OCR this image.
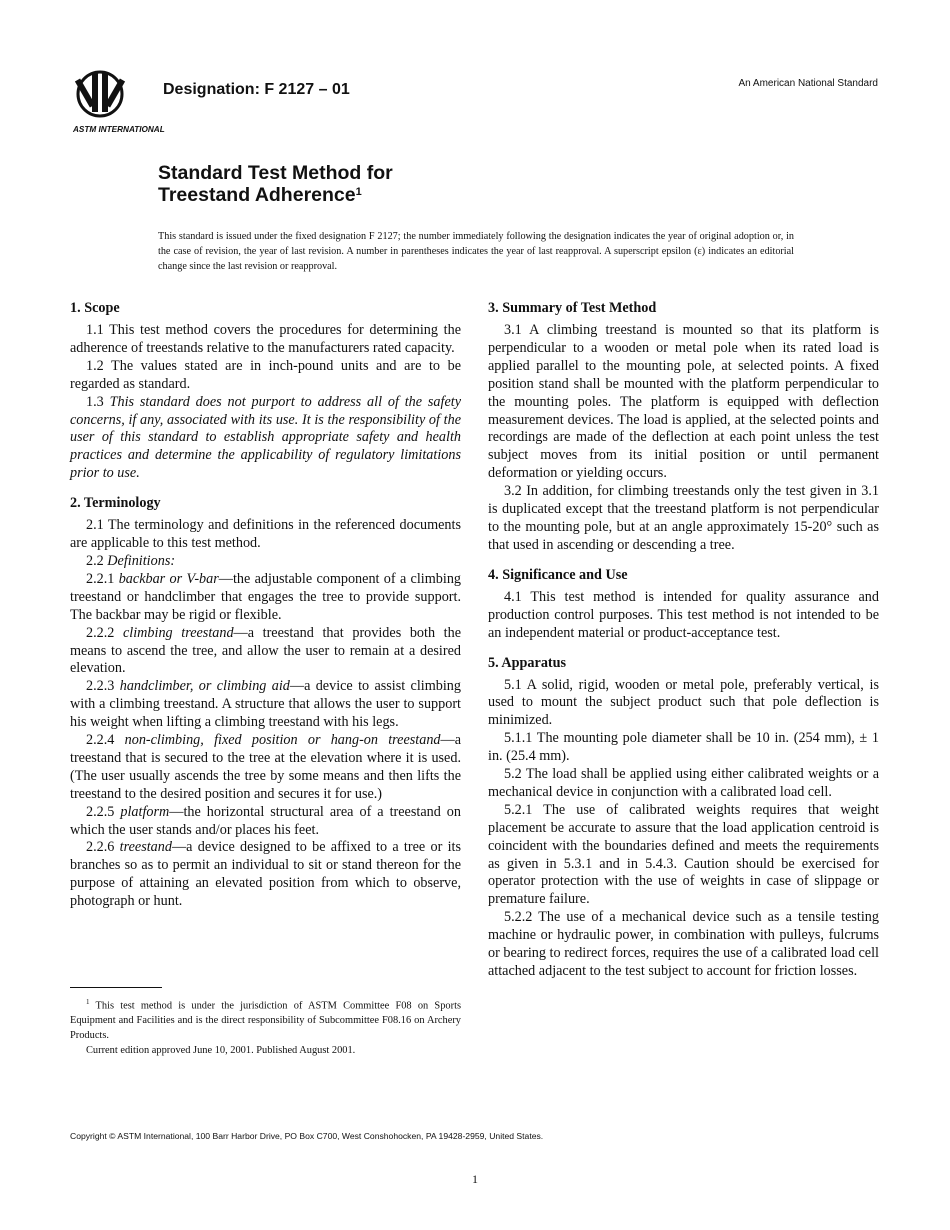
ASTM INTERNATIONAL
Designation: F 2127 – 01	An American National Standard
Standard Test Method for
Treestand Adherence$^1$
This standard is issued under the fixed designation F 2127; the number immediately following the designation indicates the year of original adoption or, in the case of revision, the year of last revision. A number in parentheses indicates the year of last reapproval. A superscript epsilon (ε) indicates an editorial change since the last revision or reapproval.
1. Scope

1.1 This test method covers the procedures for determining the adherence of treestands relative to the manufacturers rated capacity.

1.2 The values stated are in inch-pound units and are to be regarded as standard.

1.3 This standard does not purport to address all of the safety concerns, if any, associated with its use. It is the responsibility of the user of this standard to establish appropriate safety and health practices and determine the applicability of regulatory limitations prior to use.

2. Terminology

2.1 The terminology and definitions in the referenced documents are applicable to this test method.

2.2 Definitions:

2.2.1 backbar or V-bar—the adjustable component of a climbing treestand or handclimber that engages the tree to provide support. The backbar may be rigid or flexible.

2.2.2 climbing treestand—a treestand that provides both the means to ascend the tree, and allow the user to remain at a desired elevation.

2.2.3 handclimber, or climbing aid—a device to assist climbing with a climbing treestand. A structure that allows the user to support his weight when lifting a climbing treestand with his legs.

2.2.4 non-climbing, fixed position or hang-on treestand—a treestand that is secured to the tree at the elevation where it is used. (The user usually ascends the tree by some means and then lifts the treestand to the desired position and secures it for use.)

2.2.5 platform—the horizontal structural area of a treestand on which the user stands and/or places his feet.

2.2.6 treestand—a device designed to be affixed to a tree or its branches so as to permit an individual to sit or stand thereon for the purpose of attaining an elevated position from which to observe, photograph or hunt.

3. Summary of Test Method

3.1 A climbing treestand is mounted so that its platform is perpendicular to a wooden or metal pole when its rated load is applied parallel to the mounting pole, at selected points. A fixed position stand shall be mounted with the platform perpendicular to the mounting poles. The platform is equipped with deflection measurement devices. The load is applied, at the selected points and recordings are made of the deflection at each point unless the test subject moves from its initial position or until permanent deformation or yielding occurs.

3.2 In addition, for climbing treestands only the test given in 3.1 is duplicated except that the treestand platform is not perpendicular to the mounting pole, but at an angle approximately 15-20° such as that used in ascending or descending a tree.

4. Significance and Use

4.1 This test method is intended for quality assurance and production control purposes. This test method is not intended to be an independent material or product-acceptance test.

5. Apparatus

5.1 A solid, rigid, wooden or metal pole, preferably vertical, is used to mount the subject product such that pole deflection is minimized.

5.1.1 The mounting pole diameter shall be 10 in. (254 mm), ± 1 in. (25.4 mm).

5.2 The load shall be applied using either calibrated weights or a mechanical device in conjunction with a calibrated load cell.

5.2.1 The use of calibrated weights requires that weight placement be accurate to assure that the load application centroid is coincident with the boundaries defined and meets the requirements as given in 5.3.1 and in 5.4.3. Caution should be exercised for operator protection with the use of weights in case of slippage or premature failure.

5.2.2 The use of a mechanical device such as a tensile testing machine or hydraulic power, in combination with pulleys, fulcrums or bearing to redirect forces, requires the use of a calibrated load cell attached adjacent to the test subject to account for friction losses.

$^1$ This test method is under the jurisdiction of ASTM Committee F08 on Sports Equipment and Facilities and is the direct responsibility of Subcommittee F08.16 on Archery Products.

Current edition approved June 10, 2001. Published August 2001.

Copyright © ASTM International, 100 Barr Harbor Drive, PO Box C700, West Conshohocken, PA 19428-2959, United States.
1
